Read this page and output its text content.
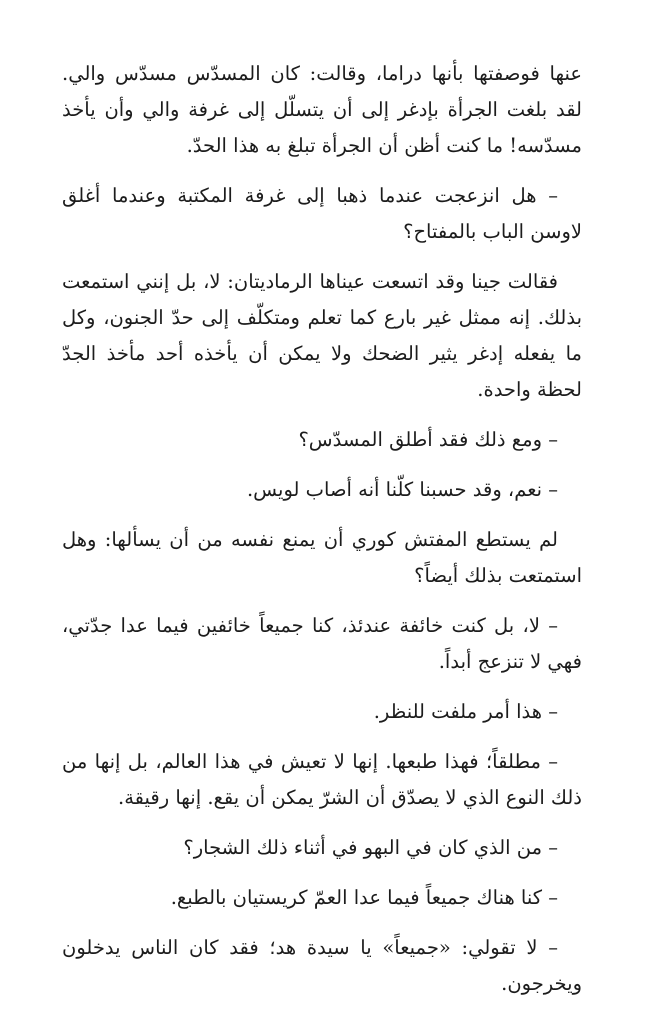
عنها فوصفتها بأنها دراما، وقالت: كان المسدّس مسدّس والي. لقد بلغت الجرأة بإدغر إلى أن يتسلّل إلى غرفة والي وأن يأخذ مسدّسه! ما كنت أظن أن الجرأة تبلغ به هذا الحدّ.

– هل انزعجت عندما ذهبا إلى غرفة المكتبة وعندما أغلق لاوسن الباب بالمفتاح؟

فقالت جينا وقد اتسعت عيناها الرماديتان: لا، بل إنني استمعت بذلك. إنه ممثل غير بارع كما تعلم ومتكلّف إلى حدّ الجنون، وكل ما يفعله إدغر يثير الضحك ولا يمكن أن يأخذه أحد مأخذ الجدّ لحظة واحدة.

– ومع ذلك فقد أطلق المسدّس؟

– نعم، وقد حسبنا كلّنا أنه أصاب لويس.

لم يستطع المفتش كوري أن يمنع نفسه من أن يسألها: وهل استمتعت بذلك أيضاً؟

– لا، بل كنت خائفة عندئذ، كنا جميعاً خائفين فيما عدا جدّتي، فهي لا تنزعج أبداً.

– هذا أمر ملفت للنظر.

– مطلقاً؛ فهذا طبعها. إنها لا تعيش في هذا العالم، بل إنها من ذلك النوع الذي لا يصدّق أن الشرّ يمكن أن يقع. إنها رقيقة.

– من الذي كان في البهو في أثناء ذلك الشجار؟

– كنا هناك جميعاً فيما عدا العمّ كريستيان بالطبع.

– لا تقولي: «جميعاً» يا سيدة هد؛ فقد كان الناس يدخلون ويخرجون.
